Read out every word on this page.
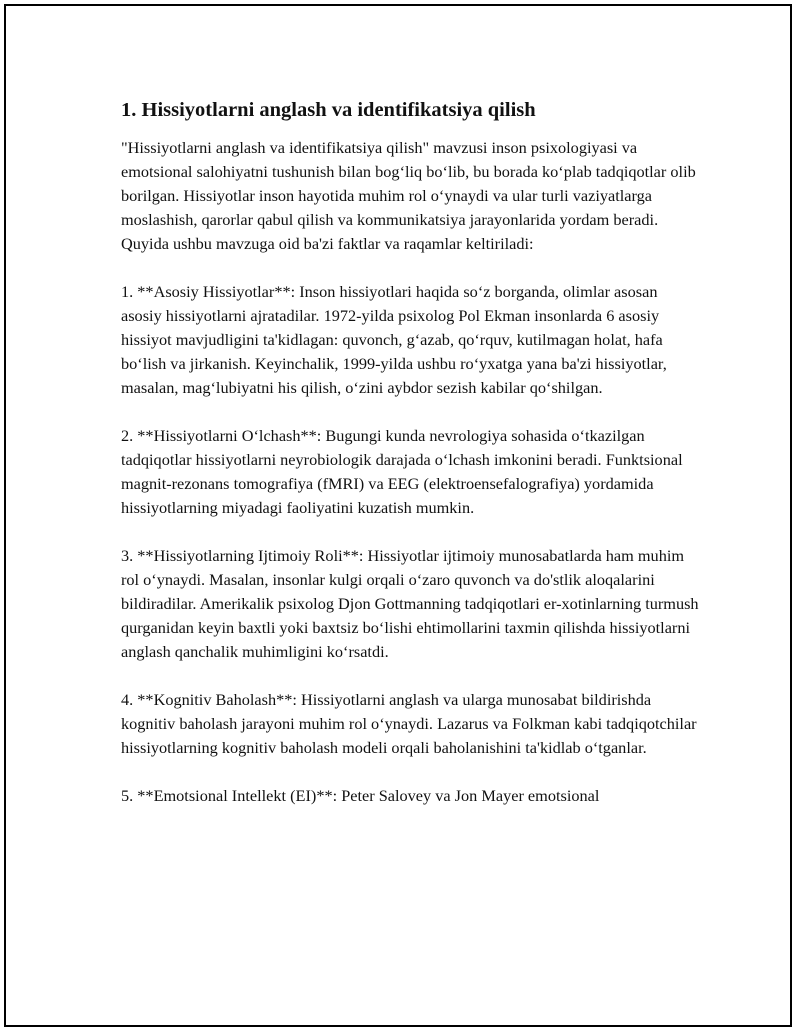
1. Hissiyotlarni anglash va identifikatsiya qilish

"Hissiyotlarni anglash va identifikatsiya qilish" mavzusi inson psixologiyasi va emotsional salohiyatni tushunish bilan bog‘liq bo‘lib, bu borada ko‘plab tadqiqotlar olib borilgan. Hissiyotlar inson hayotida muhim rol o‘ynaydi va ular turli vaziyatlarga moslashish, qarorlar qabul qilish va kommunikatsiya jarayonlarida yordam beradi. Quyida ushbu mavzuga oid ba'zi faktlar va raqamlar keltiriladi:

1. **Asosiy Hissiyotlar**: Inson hissiyotlari haqida so‘z borganda, olimlar asosan asosiy hissiyotlarni ajratadilar. 1972-yilda psixolog Pol Ekman insonlarda 6 asosiy hissiyot mavjudligini ta'kidlagan: quvonch, g‘azab, qo‘rquv, kutilmagan holat, hafa bo‘lish va jirkanish. Keyinchalik, 1999-yilda ushbu ro‘yxatga yana ba'zi hissiyotlar, masalan, mag‘lubiyatni his qilish, o‘zini aybdor sezish kabilar qo‘shilgan.

2. **Hissiyotlarni O‘lchash**: Bugungi kunda nevrologiya sohasida o‘tkazilgan tadqiqotlar hissiyotlarni neyrobiologik darajada o‘lchash imkonini beradi. Funktsional magnit-rezonans tomografiya (fMRI) va EEG (elektroensefalografiya) yordamida hissiyotlarning miyadagi faoliyatini kuzatish mumkin.

3. **Hissiyotlarning Ijtimoiy Roli**: Hissiyotlar ijtimoiy munosabatlarda ham muhim rol o‘ynaydi. Masalan, insonlar kulgi orqali o‘zaro quvonch va do'stlik aloqalarini bildiradilar. Amerikalik psixolog Djon Gottmanning tadqiqotlari er-xotinlarning turmush qurganidan keyin baxtli yoki baxtsiz bo‘lishi ehtimollarini taxmin qilishda hissiyotlarni anglash qanchalik muhimligini ko‘rsatdi.

4. **Kognitiv Baholash**: Hissiyotlarni anglash va ularga munosabat bildirishda kognitiv baholash jarayoni muhim rol o‘ynaydi. Lazarus va Folkman kabi tadqiqotchilar hissiyotlarning kognitiv baholash modeli orqali baholanishini ta'kidlab o‘tganlar.

5. **Emotsional Intellekt (EI)**: Peter Salovey va Jon Mayer emotsional
